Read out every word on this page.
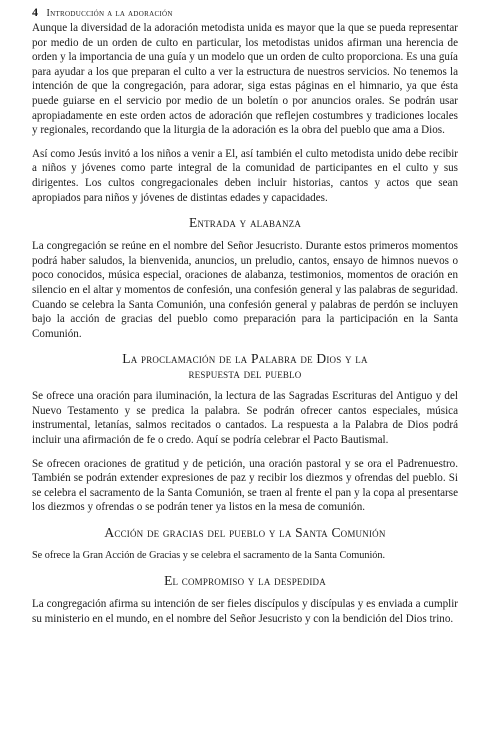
4 Introducción a la adoración

Aunque la diversidad de la adoración metodista unida es mayor que la que se pueda representar por medio de un orden de culto en particular, los metodistas unidos afirman una herencia de orden y la importancia de una guía y un modelo que un orden de culto proporciona. Es una guía para ayudar a los que preparan el culto a ver la estructura de nuestros servicios. No tenemos la intención de que la congregación, para adorar, siga estas páginas en el himnario, ya que ésta puede guiarse en el servicio por medio de un boletín o por anuncios orales. Se podrán usar apropiadamente en este orden actos de adoración que reflejen costumbres y tradiciones locales y regionales, recordando que la liturgia de la adoración es la obra del pueblo que ama a Dios.

Así como Jesús invitó a los niños a venir a El, así también el culto metodista unido debe recibir a niños y jóvenes como parte integral de la comunidad de participantes en el culto y sus dirigentes. Los cultos congregacionales deben incluir historias, cantos y actos que sean apropiados para niños y jóvenes de distintas edades y capacidades.

Entrada y alabanza

La congregación se reúne en el nombre del Señor Jesucristo. Durante estos primeros momentos podrá haber saludos, la bienvenida, anuncios, un preludio, cantos, ensayo de himnos nuevos o poco conocidos, música especial, oraciones de alabanza, testimonios, momentos de oración en silencio en el altar y momentos de confesión, una confesión general y las palabras de seguridad. Cuando se celebra la Santa Comunión, una confesión general y palabras de perdón se incluyen bajo la acción de gracias del pueblo como preparación para la participación en la Santa Comunión.

La proclamación de la Palabra de Dios y la
respuesta del pueblo

Se ofrece una oración para iluminación, la lectura de las Sagradas Escrituras del Antiguo y del Nuevo Testamento y se predica la palabra. Se podrán ofrecer cantos especiales, música instrumental, letanías, salmos recitados o cantados. La respuesta a la Palabra de Dios podrá incluir una afirmación de fe o credo. Aquí se podría celebrar el Pacto Bautismal.

Se ofrecen oraciones de gratitud y de petición, una oración pastoral y se ora el Padrenuestro. También se podrán extender expresiones de paz y recibir los diezmos y ofrendas del pueblo. Si se celebra el sacramento de la Santa Comunión, se traen al frente el pan y la copa al presentarse los diezmos y ofrendas o se podrán tener ya listos en la mesa de comunión.

Acción de gracias del pueblo y la Santa Comunión

Se ofrece la Gran Acción de Gracias y se celebra el sacramento de la Santa Comunión.

El compromiso y la despedida

La congregación afirma su intención de ser fieles discípulos y discípulas y es enviada a cumplir su ministerio en el mundo, en el nombre del Señor Jesucristo y con la bendición del Dios trino.
